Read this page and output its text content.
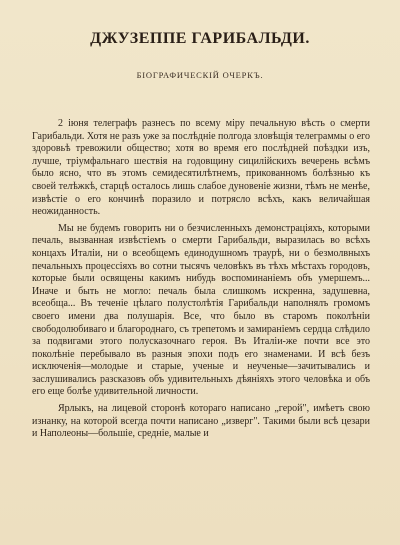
ДЖУЗЕППЕ ГАРИБАЛЬДИ.
БІОГРАФИЧЕСКІЙ ОЧЕРКЪ.

2 іюня телеграфъ разнесъ по всему міру печальную вѣсть о смерти Гарибальди. Хотя не разъ уже за послѣдніе полгода зловѣщія телеграммы о его здоровьѣ тревожили общество; хотя во время его послѣдней поѣздки изъ, лучше, тріумфальнаго шествія на годовщину сицилійскихъ вечерень всѣмъ было ясно, что въ этомъ семидесятилѣтнемъ, прикованномъ болѣзнью къ своей телѣжкѣ, старцѣ осталось лишь слабое дуновеніе жизни, тѣмъ не менѣе, извѣстіе о его кончинѣ поразило и потрясло всѣхъ, какъ величайшая неожиданность.

Мы не будемъ говорить ни о безчисленныхъ демонстраціяхъ, которыми печаль, вызванная извѣстіемъ о смерти Гарибальди, выразилась во всѣхъ концахъ Италіи, ни о всеобщемъ единодушномъ траурѣ, ни о безмолвныхъ печальныхъ процессіяхъ во сотни тысячъ человѣкъ въ тѣхъ мѣстахъ городовъ, которые были освящены какимъ нибудь воспоминаніемъ объ умершемъ... Иначе и быть не могло: печаль была слишкомъ искренна, задушевна, всеобща... Въ теченіе цѣлаго полустолѣтія Гарибальди наполнялъ громомъ своего имени два полушарія. Все, что было въ старомъ поколѣніи свободолюбиваго и благороднаго, съ трепетомъ и замираніемъ сердца слѣдило за подвигами этого полусказочнаго героя. Въ Италіи-же почти все это поколѣніе перебывало въ разныя эпохи подъ его знаменами. И всѣ безъ исключенія—молодые и старые, ученые и неученые—зачитывались и заслушивались разсказовъ объ удивительныхъ дѣяніяхъ этого человѣка и объ его еще болѣе удивительной личности.

Ярлыкъ, на лицевой сторонѣ котораго написано „герой", имѣетъ свою изнанку, на которой всегда почти написано „изверг". Такими были всѣ цезари и Наполеоны—большіе, средніе, малые и
